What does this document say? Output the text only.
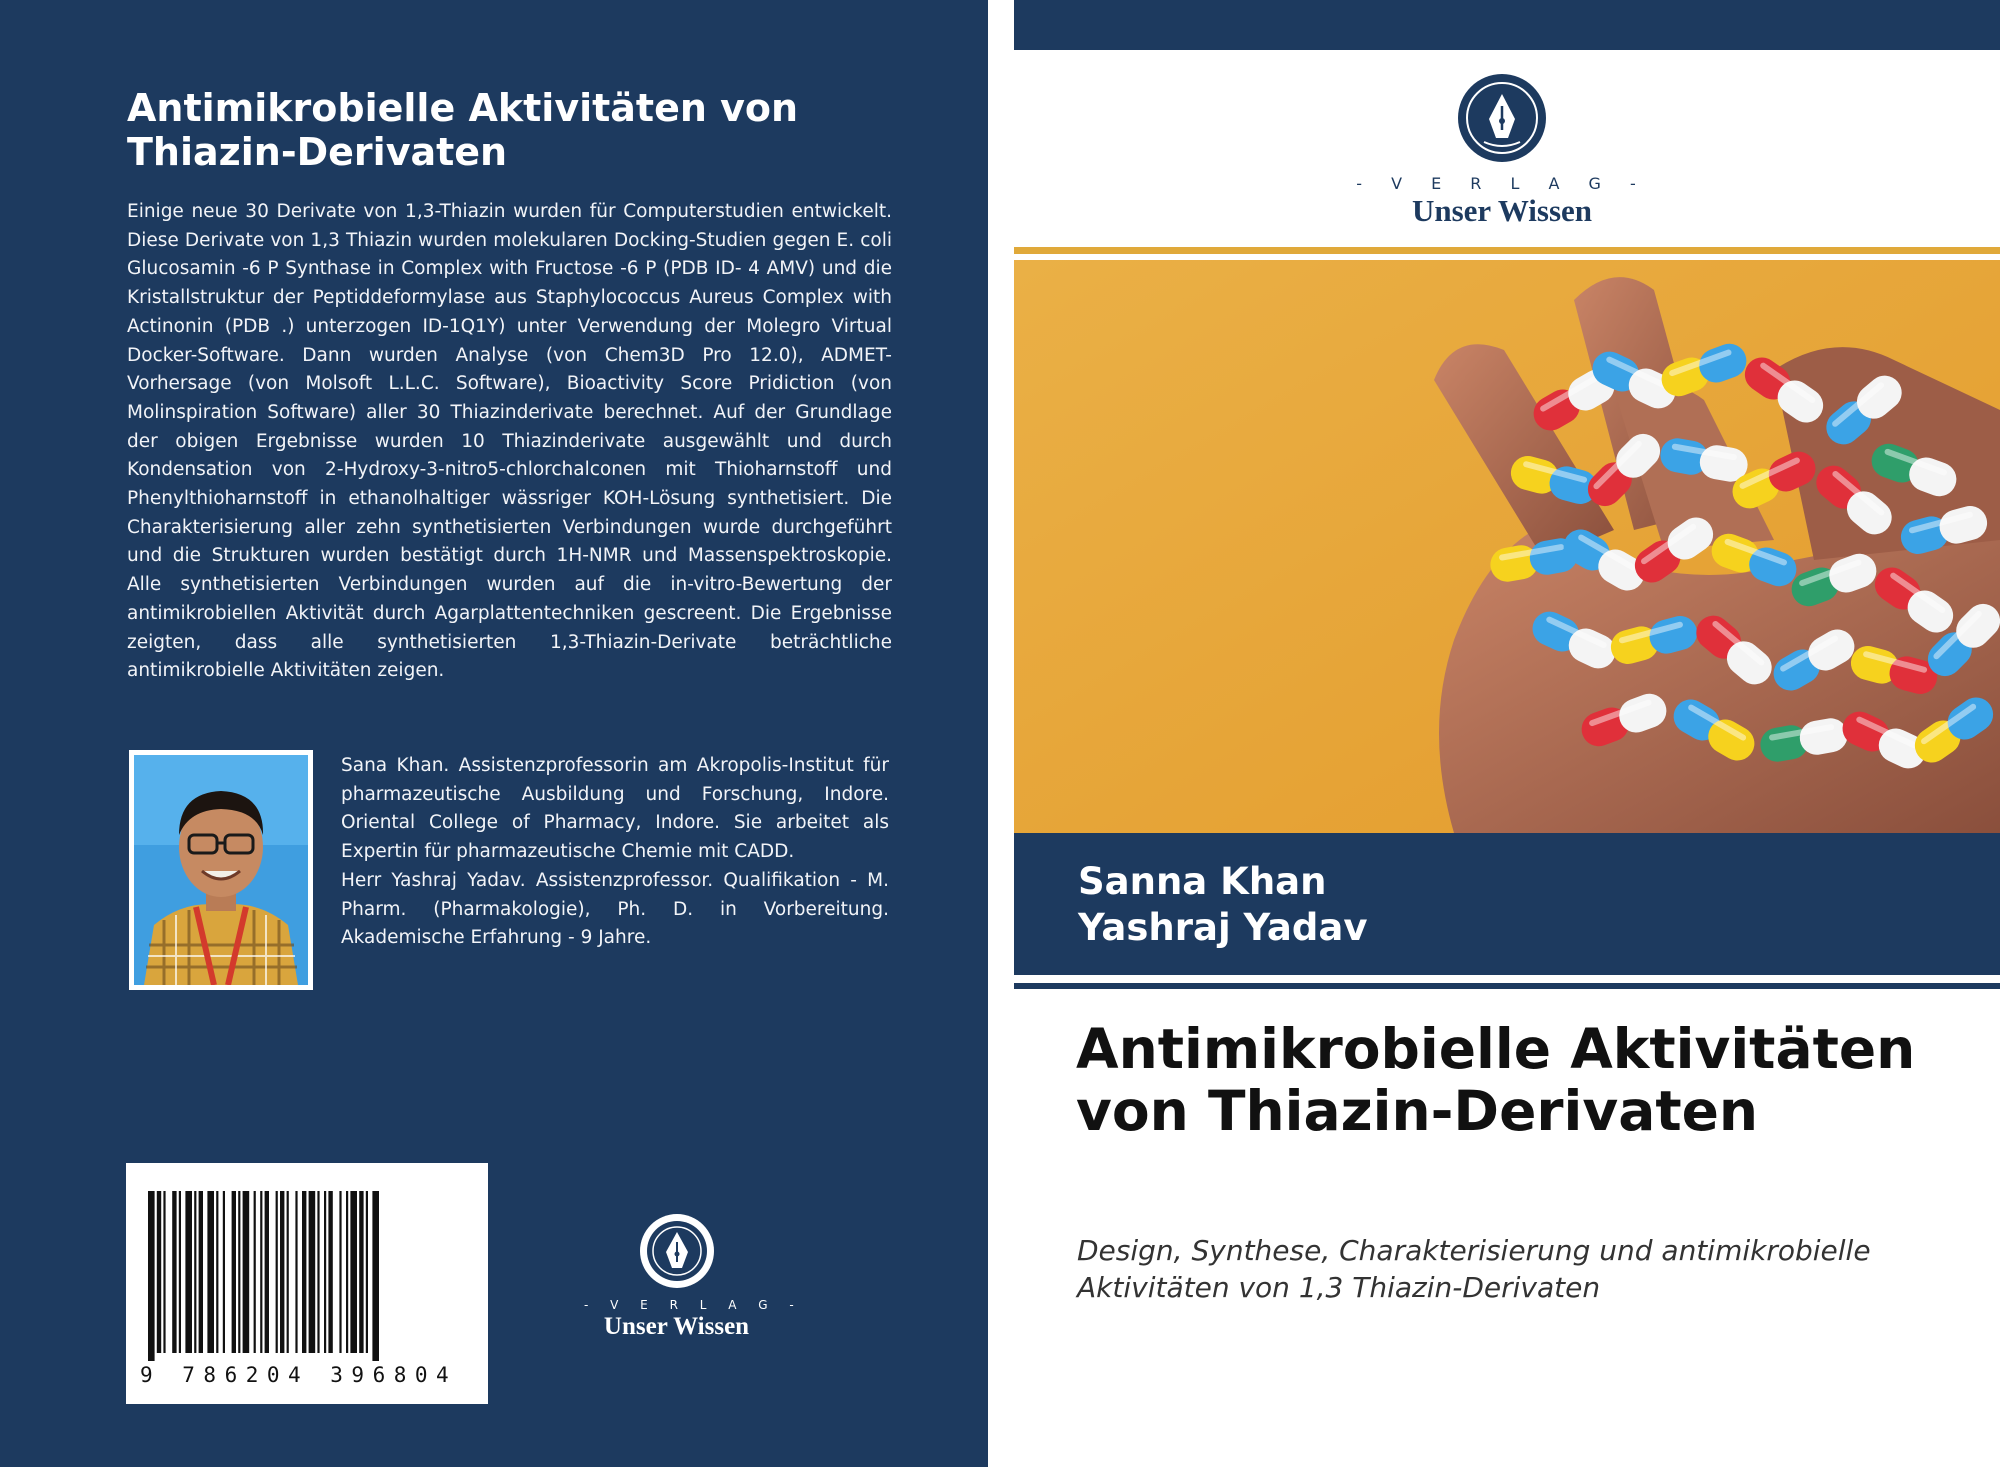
Antimikrobielle Aktivitäten von Thiazin-Derivaten

Einige neue 30 Derivate von 1,3-Thiazin wurden für Computerstudien entwickelt. Diese Derivate von 1,3 Thiazin wurden molekularen Docking-Studien gegen E. coli Glucosamin -6 P Synthase in Complex with Fructose -6 P (PDB ID- 4 AMV) und die Kristallstruktur der Peptiddeformylase aus Staphylococcus Aureus Complex with Actinonin (PDB .) unterzogen ID-1Q1Y) unter Verwendung der Molegro Virtual Docker-Software. Dann wurden Analyse (von Chem3D Pro 12.0), ADMET-Vorhersage (von Molsoft L.L.C. Software), Bioactivity Score Pridiction (von Molinspiration Software) aller 30 Thiazinderivate berechnet. Auf der Grundlage der obigen Ergebnisse wurden 10 Thiazinderivate ausgewählt und durch Kondensation von 2-Hydroxy-3-nitro5-chlorchalconen mit Thioharnstoff und Phenylthioharnstoff in ethanolhaltiger wässriger KOH-Lösung synthetisiert. Die Charakterisierung aller zehn synthetisierten Verbindungen wurde durchgeführt und die Strukturen wurden bestätigt durch 1H-NMR und Massenspektroskopie. Alle synthetisierten Verbindungen wurden auf die in-vitro-Bewertung der antimikrobiellen Aktivität durch Agarplattentechniken gescreent. Die Ergebnisse zeigten, dass alle synthetisierten 1,3-Thiazin-Derivate beträchtliche antimikrobielle Aktivitäten zeigen.

Sana Khan. Assistenzprofessorin am Akropolis-Institut für pharmazeutische Ausbildung und Forschung, Indore. Oriental College of Pharmacy, Indore. Sie arbeitet als Expertin für pharmazeutische Chemie mit CADD.

Herr Yashraj Yadav. Assistenzprofessor. Qualifikation - M. Pharm. (Pharmakologie), Ph. D. in Vorbereitung. Akademische Erfahrung - 9 Jahre.

9 786204 396804
- V E R L A G -
Unser Wissen
- V E R L A G -
Unser Wissen
Sanna Khan
Yashraj Yadav
Antimikrobielle Aktivitäten von Thiazin-Derivaten

Design, Synthese, Charakterisierung und antimikrobielle Aktivitäten von 1,3 Thiazin-Derivaten
